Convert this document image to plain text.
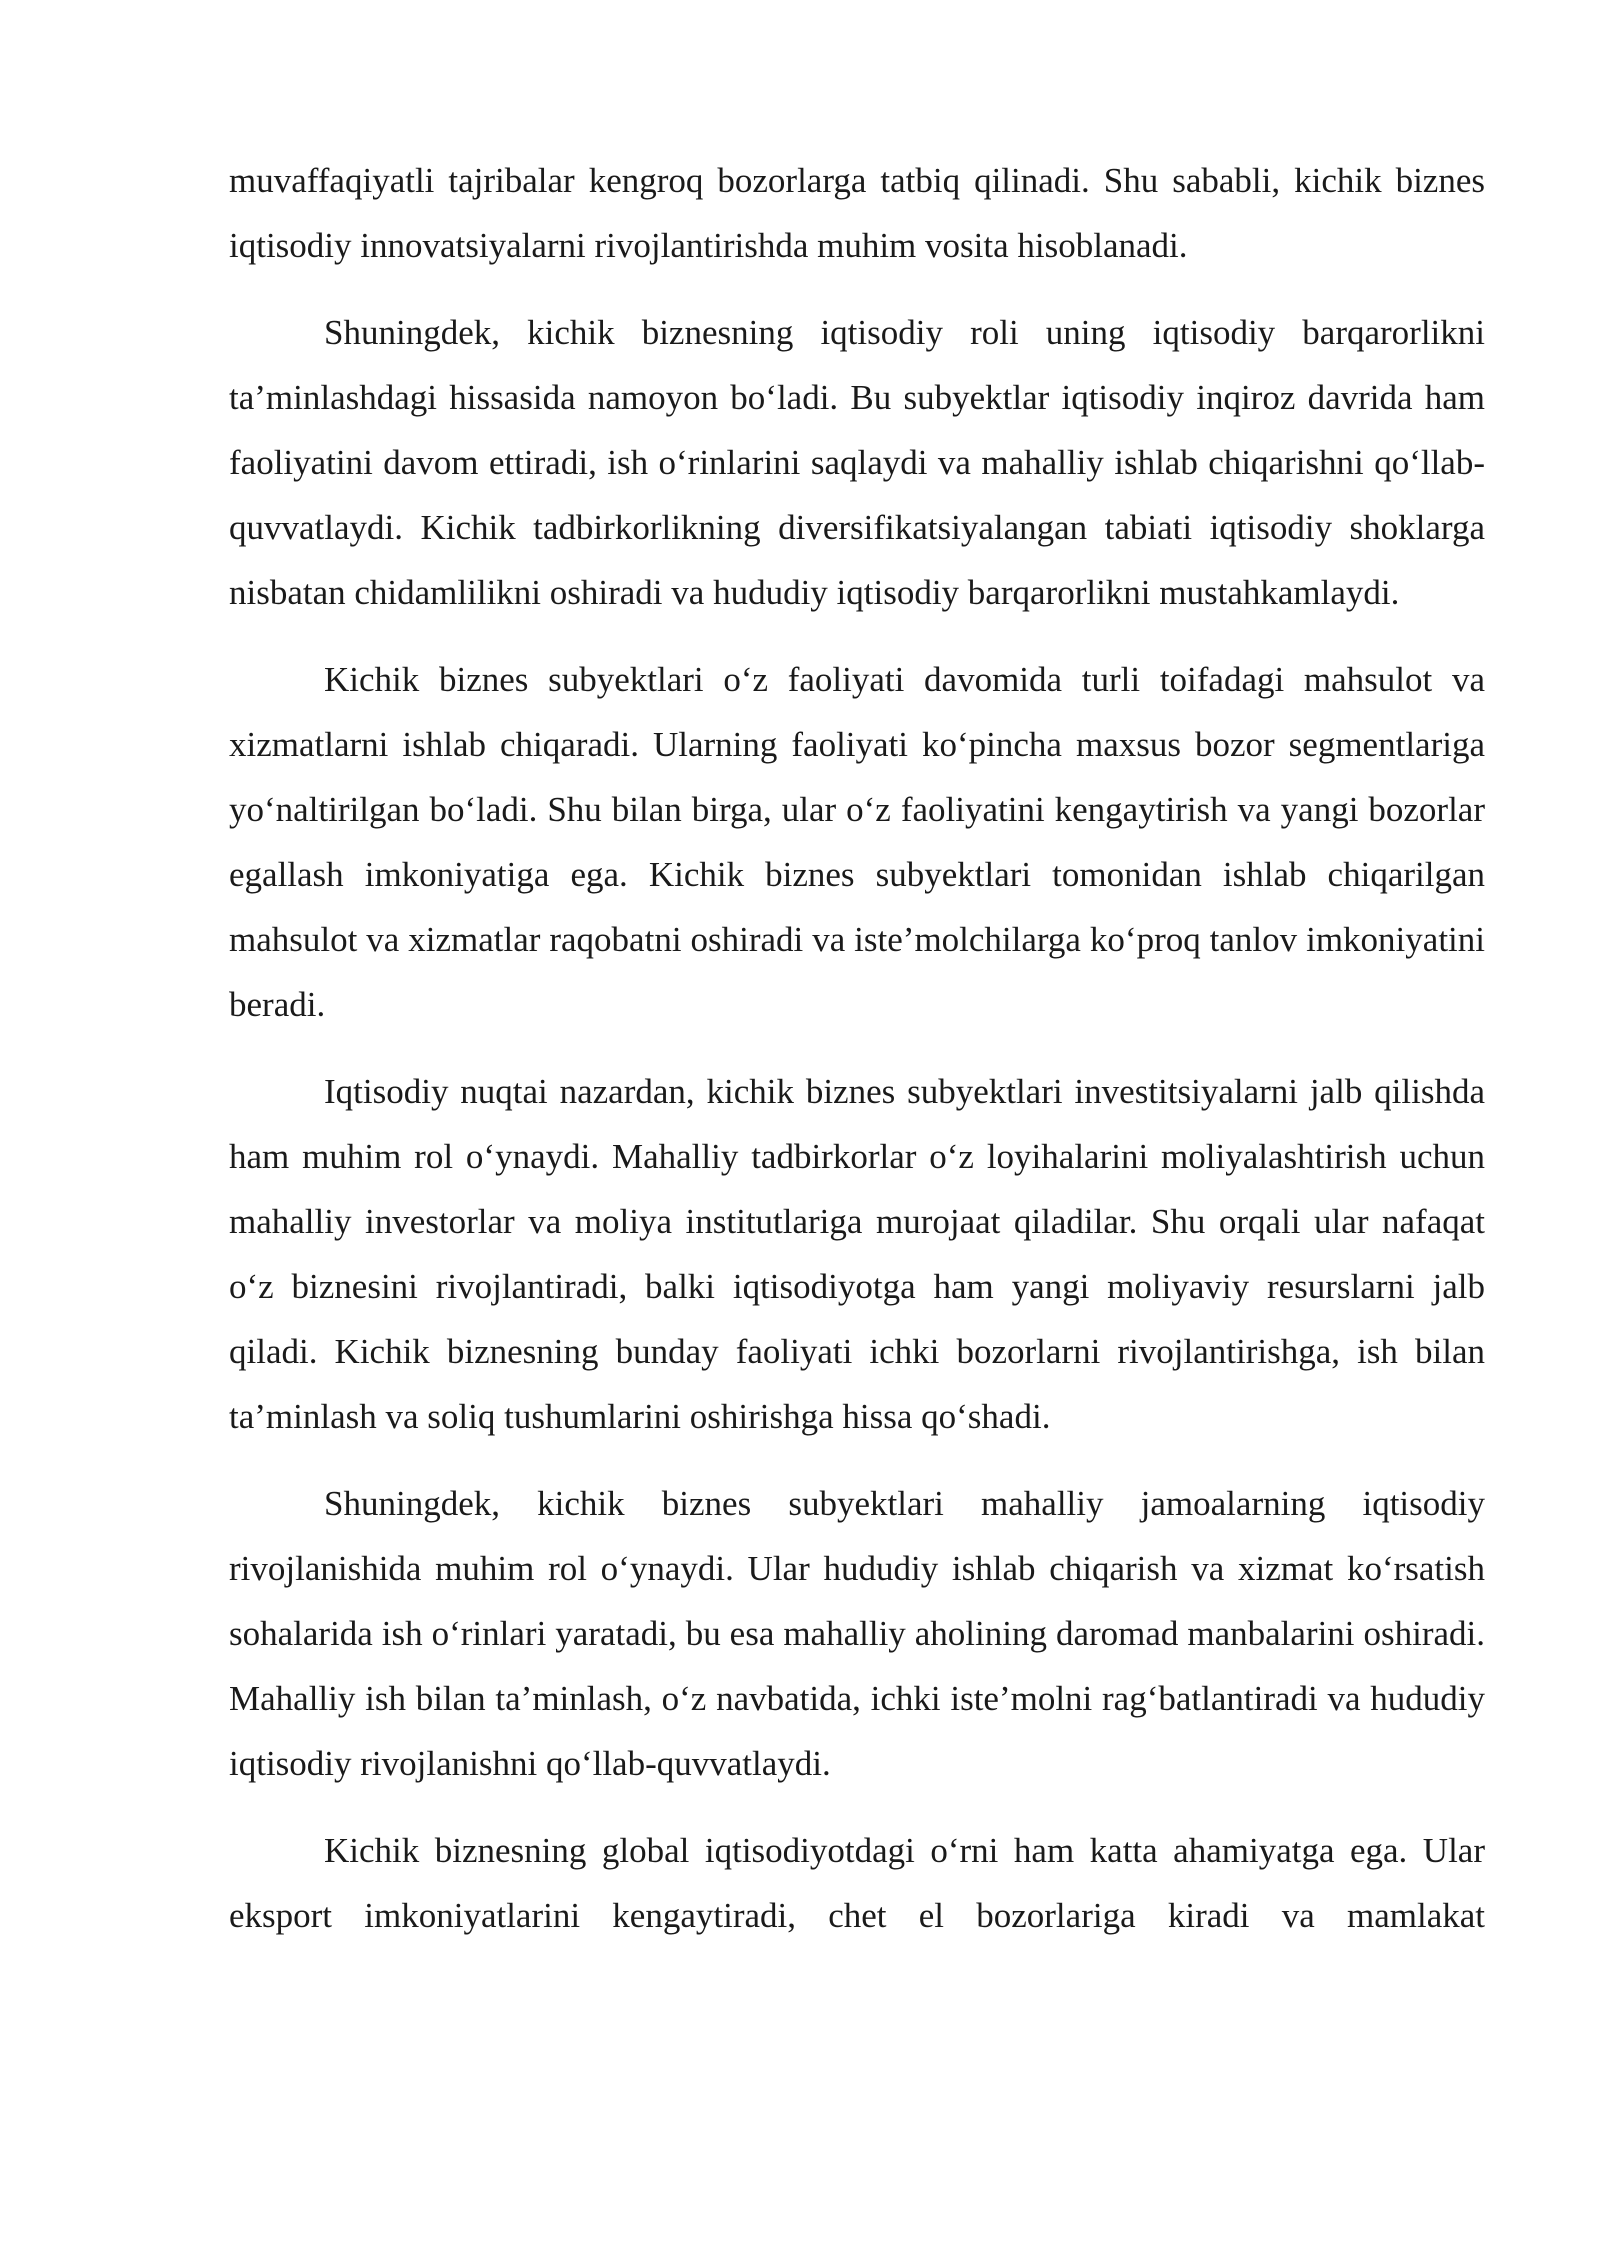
muvaffaqiyatli tajribalar kengroq bozorlarga tatbiq qilinadi. Shu sababli, kichik biznes iqtisodiy innovatsiyalarni rivojlantirishda muhim vosita hisoblanadi.

Shuningdek, kichik biznesning iqtisodiy roli uning iqtisodiy barqarorlikni ta’minlashdagi hissasida namoyon bo‘ladi. Bu subyektlar iqtisodiy inqiroz davrida ham faoliyatini davom ettiradi, ish o‘rinlarini saqlaydi va mahalliy ishlab chiqarishni qo‘llab-quvvatlaydi. Kichik tadbirkorlikning diversifikatsiyalangan tabiati iqtisodiy shoklarga nisbatan chidamlilikni oshiradi va hududiy iqtisodiy barqarorlikni mustahkamlaydi.

Kichik biznes subyektlari o‘z faoliyati davomida turli toifadagi mahsulot va xizmatlarni ishlab chiqaradi. Ularning faoliyati ko‘pincha maxsus bozor segmentlariga yo‘naltirilgan bo‘ladi. Shu bilan birga, ular o‘z faoliyatini kengaytirish va yangi bozorlar egallash imkoniyatiga ega. Kichik biznes subyektlari tomonidan ishlab chiqarilgan mahsulot va xizmatlar raqobatni oshiradi va iste’molchilarga ko‘proq tanlov imkoniyatini beradi.

Iqtisodiy nuqtai nazardan, kichik biznes subyektlari investitsiyalarni jalb qilishda ham muhim rol o‘ynaydi. Mahalliy tadbirkorlar o‘z loyihalarini moliyalashtirish uchun mahalliy investorlar va moliya institutlariga murojaat qiladilar. Shu orqali ular nafaqat o‘z biznesini rivojlantiradi, balki iqtisodiyotga ham yangi moliyaviy resurslarni jalb qiladi. Kichik biznesning bunday faoliyati ichki bozorlarni rivojlantirishga, ish bilan ta’minlash va soliq tushumlarini oshirishga hissa qo‘shadi.

Shuningdek, kichik biznes subyektlari mahalliy jamoalarning iqtisodiy rivojlanishida muhim rol o‘ynaydi. Ular hududiy ishlab chiqarish va xizmat ko‘rsatish sohalarida ish o‘rinlari yaratadi, bu esa mahalliy aholining daromad manbalarini oshiradi. Mahalliy ish bilan ta’minlash, o‘z navbatida, ichki iste’molni rag‘batlantiradi va hududiy iqtisodiy rivojlanishni qo‘llab-quvvatlaydi.

Kichik biznesning global iqtisodiyotdagi o‘rni ham katta ahamiyatga ega. Ular eksport imkoniyatlarini kengaytiradi, chet el bozorlariga kiradi va mamlakat
